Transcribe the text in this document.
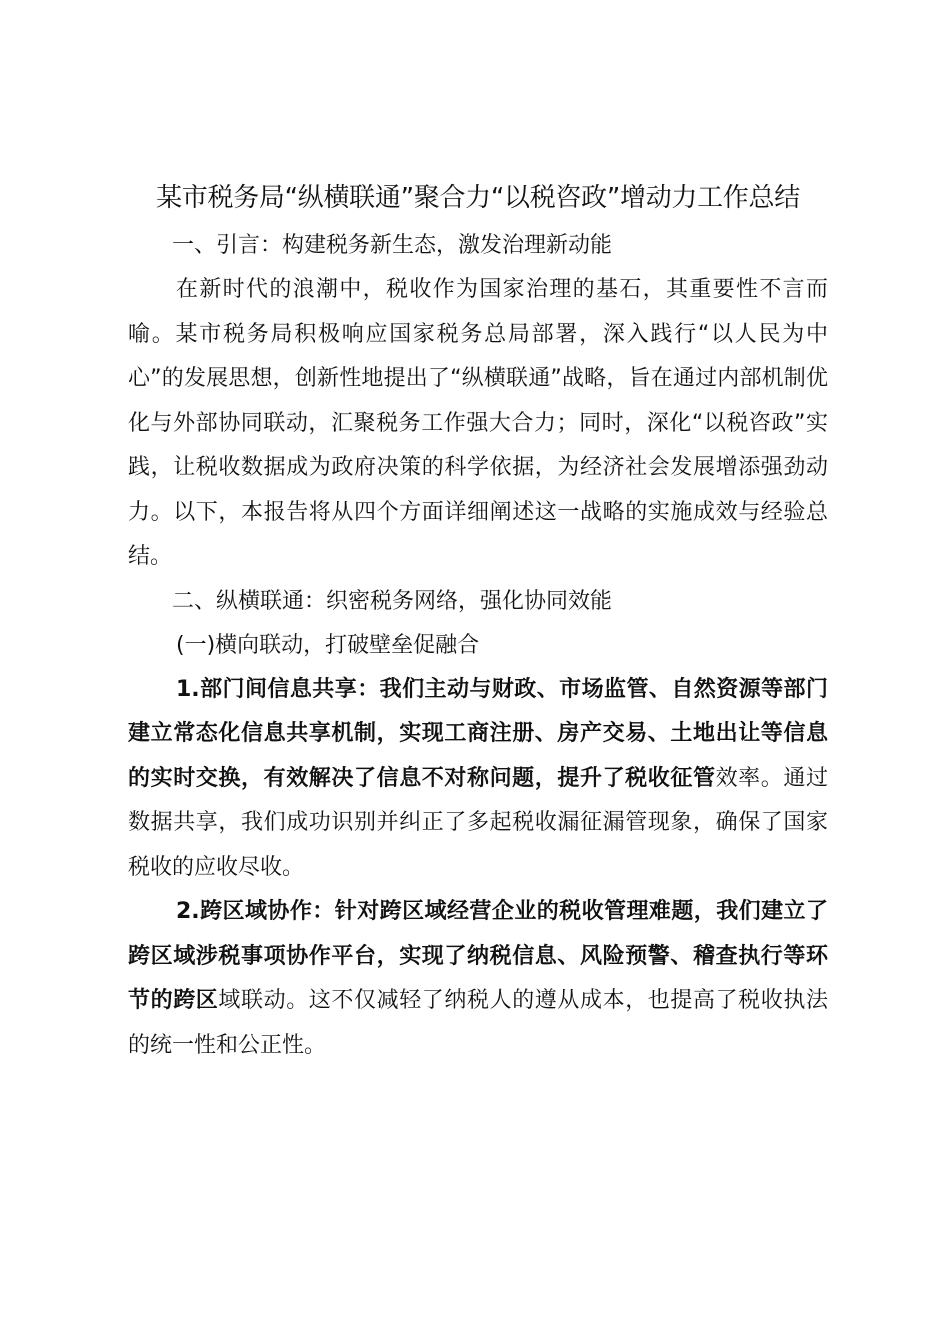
某市税务局“纵横联通”聚合力“以税咨政”增动力工作总结

一、引言：构建税务新生态，激发治理新动能

在新时代的浪潮中，税收作为国家治理的基石，其重要性不言而喻。某市税务局积极响应国家税务总局部署，深入践行“以人民为中心”的发展思想，创新性地提出了“纵横联通”战略，旨在通过内部机制优化与外部协同联动，汇聚税务工作强大合力；同时，深化“以税咨政”实践，让税收数据成为政府决策的科学依据，为经济社会发展增添强劲动力。以下，本报告将从四个方面详细阐述这一战略的实施成效与经验总结。

二、纵横联通：织密税务网络，强化协同效能

(一)横向联动，打破壁垒促融合

1.部门间信息共享：我们主动与财政、市场监管、自然资源等部门建立常态化信息共享机制，实现工商注册、房产交易、土地出让等信息的实时交换，有效解决了信息不对称问题，提升了税收征管效率。通过数据共享，我们成功识别并纠正了多起税收漏征漏管现象，确保了国家税收的应收尽收。

2.跨区域协作：针对跨区域经营企业的税收管理难题，我们建立了跨区域涉税事项协作平台，实现了纳税信息、风险预警、稽查执行等环节的跨区域联动。这不仅减轻了纳税人的遵从成本，也提高了税收执法的统一性和公正性。
